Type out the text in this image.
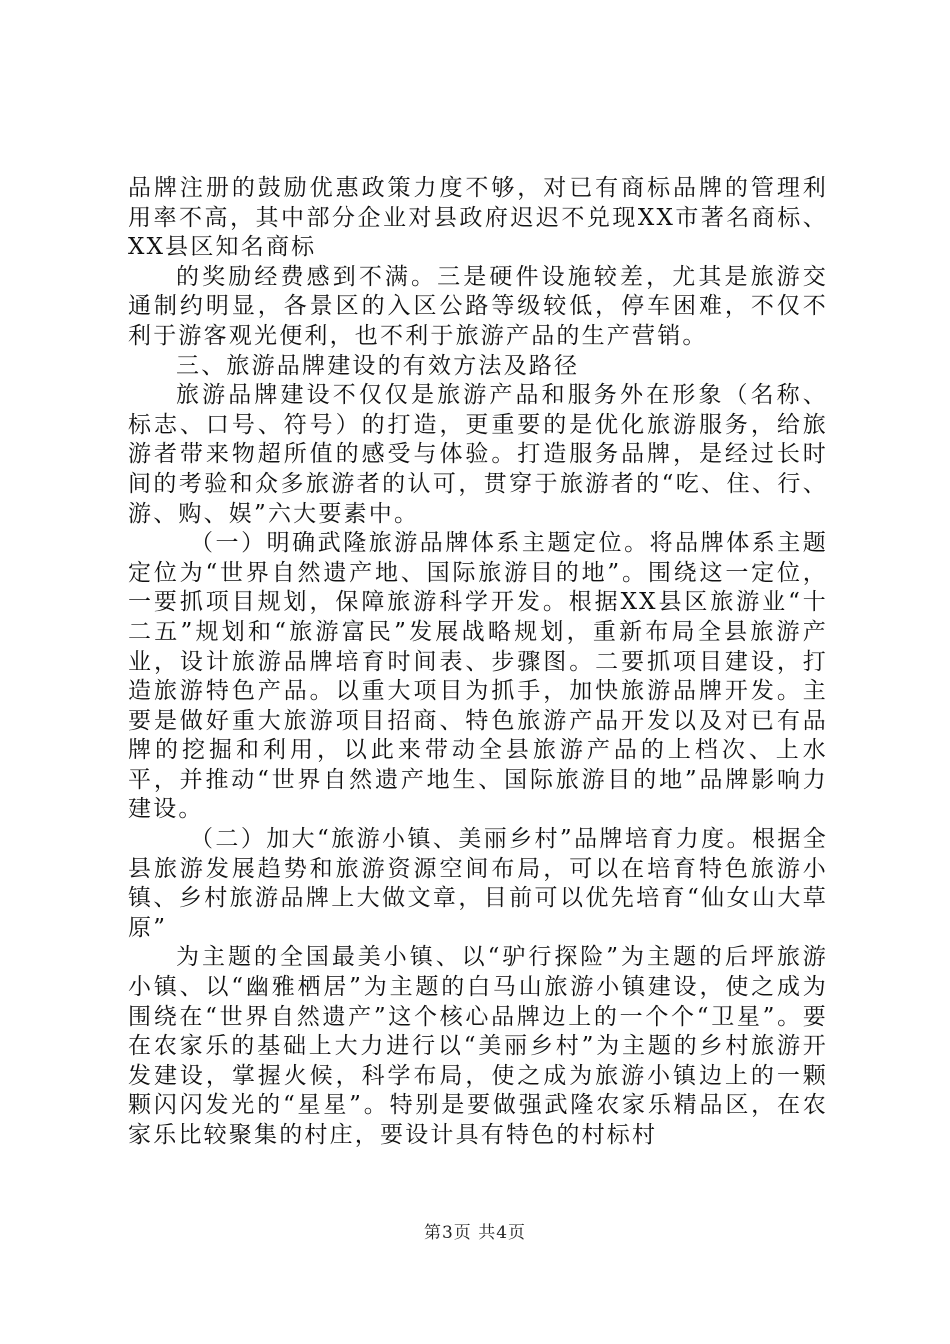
品牌注册的鼓励优惠政策力度不够，对已有商标品牌的管理利用率不高，其中部分企业对县政府迟迟不兑现XX市著名商标、XX县区知名商标

的奖励经费感到不满。三是硬件设施较差，尤其是旅游交通制约明显，各景区的入区公路等级较低，停车困难，不仅不利于游客观光便利，也不利于旅游产品的生产营销。

三、旅游品牌建设的有效方法及路径

旅游品牌建设不仅仅是旅游产品和服务外在形象（名称、标志、口号、符号）的打造，更重要的是优化旅游服务，给旅游者带来物超所值的感受与体验。打造服务品牌，是经过长时间的考验和众多旅游者的认可，贯穿于旅游者的“吃、住、行、游、购、娱”六大要素中。

（一）明确武隆旅游品牌体系主题定位。将品牌体系主题定位为“世界自然遗产地、国际旅游目的地”。围绕这一定位，一要抓项目规划，保障旅游科学开发。根据XX县区旅游业“十二五”规划和“旅游富民”发展战略规划，重新布局全县旅游产业，设计旅游品牌培育时间表、步骤图。二要抓项目建设，打造旅游特色产品。以重大项目为抓手，加快旅游品牌开发。主要是做好重大旅游项目招商、特色旅游产品开发以及对已有品牌的挖掘和利用，以此来带动全县旅游产品的上档次、上水平，并推动“世界自然遗产地生、国际旅游目的地”品牌影响力建设。

（二）加大“旅游小镇、美丽乡村”品牌培育力度。根据全县旅游发展趋势和旅游资源空间布局，可以在培育特色旅游小镇、乡村旅游品牌上大做文章，目前可以优先培育“仙女山大草原”

为主题的全国最美小镇、以“驴行探险”为主题的后坪旅游小镇、以“幽雅栖居”为主题的白马山旅游小镇建设，使之成为围绕在“世界自然遗产”这个核心品牌边上的一个个“卫星”。要在农家乐的基础上大力进行以“美丽乡村”为主题的乡村旅游开发建设，掌握火候，科学布局，使之成为旅游小镇边上的一颗颗闪闪发光的“星星”。特别是要做强武隆农家乐精品区，在农家乐比较聚集的村庄，要设计具有特色的村标村

第3页 共4页
